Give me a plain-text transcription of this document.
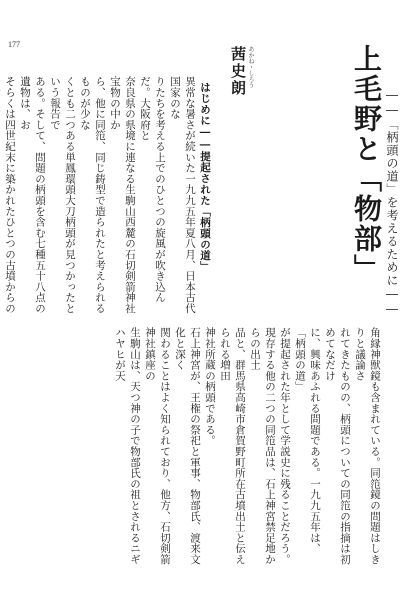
177	上毛野と「物部」 ――「柄頭の道」を考えるために――
茜史朗 あかね・しろう
はじめに――提起された「柄頭の道」

異常な暑さが続いた一九九五年夏八月、日本古代国家のな

りたちを考える上でのひとつの旋風が吹き込んだ。大阪府と

奈良県の県境に連なる生駒山西麓の石切剣箭神社宝物の中か

ら、他に同笵、同じ鋳型で造られたと考えられるものが少な

くとも二つある単鳳環頭大刀柄頭が見つかったという報告で

ある。そして、問題の柄頭を含む七種五十八点の遺物は、お

そらくは四世紀末に築かれたひとつの古墳からの

角縁神獣鏡も含まれている。同笵鏡の問題はしきりと議論さ

れてきたものの、柄頭についての同笵の指摘は初めてなだけ

に、興味あふれる問題である。一九九五年は、「柄頭の道」

が提起された年として学説史に残ることだろう。

現存する他の二つの同笵品は、石上神宮禁足地からの出土

品と、群馬県高崎市倉賀野町所在古墳出土と伝えられる増田

神社所蔵の柄頭である。

石上神宮が、王権の祭祀と軍事、物部氏、渡来文化と深く

関わることはよく知られており、他方、石切剣箭神社鎮座の

生駒山は、天つ神の子で物部氏の祖とされるニギハヤヒが天
